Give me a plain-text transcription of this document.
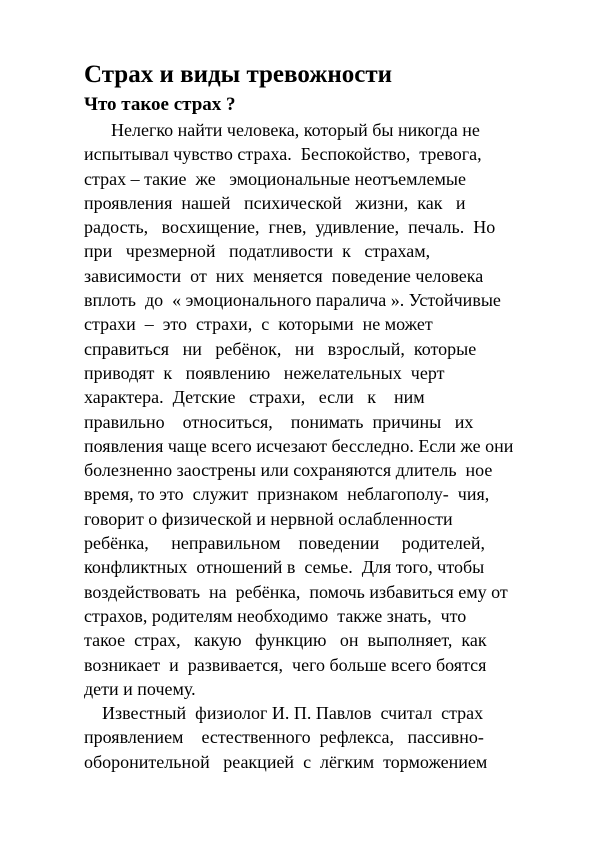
Страх и виды тревожности
Что такое страх ?
Нелегко найти человека, который бы никогда не
испытывал чувство страха.  Беспокойство,  тревога,
страх – такие  же   эмоциональные неотъемлемые
проявления  нашей   психической   жизни,  как   и
радость,   восхищение,  гнев,  удивление,  печаль.  Но
при   чрезмерной   податливости  к   страхам,
зависимости  от  них  меняется  поведение человека
вплоть  до  « эмоционального паралича ». Устойчивые
страхи  –  это  страхи,  с  которыми  не может
справиться   ни   ребёнок,   ни   взрослый,  которые
приводят  к   появлению   нежелательных  черт
характера.  Детские   страхи,   если   к    ним
правильно    относиться,    понимать  причины   их
появления чаще всего исчезают бесследно. Если же они
болезненно заострены или сохраняются длитель  ное
время, то это  служит  признаком  неблагополу-  чия,
говорит о физической и нервной ослабленности
ребёнка,     неправильном    поведении     родителей,
конфликтных  отношений в  семье.  Для того, чтобы
воздействовать  на  ребёнка,  помочь избавиться ему от
страхов, родителям необходимо  также знать,  что
такое  страх,   какую   функцию   он  выполняет,  как
возникает  и  развивается,  чего больше всего боятся
дети и почему.
Известный  физиолог И. П. Павлов  считал  страх
проявлением    естественного  рефлекса,   пассивно-
оборонительной   реакцией  с  лёгким  торможением
